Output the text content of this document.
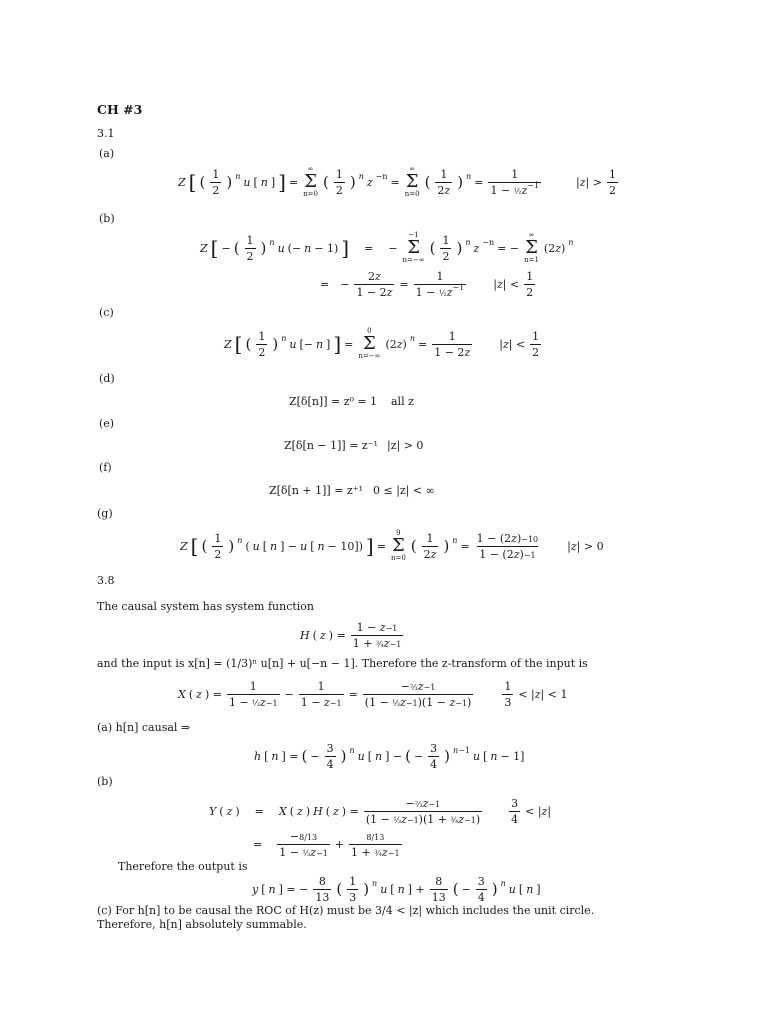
CH #3
3.1
(a)
Z [ ( 1
2 ) n u [ n ] ] =
∞
Σ
n=0
( 1
2 ) n z −n =
∞
Σ
n=0
( 1
2z ) $n = \frac{1}{1 - \frac{1}{2}z^{-1}}$	|z| >
1
2
(b)
Z [ − ( 1
2 ) n u (− n − 1) ] = −
−1
Σ
n=−∞
( 1
2 ) n z −n = −
∞
Σ
n=1
(2z) n
= − $\frac{2z}{1 - 2z} = \frac{1}{1 - \frac{1}{2}z^{-1}} |z|$ <
1
2
(c)
Z [ ( 1
2 ) n u [− n ] ] =
0
Σ
n=−∞
(2z) $n = \frac{1}{1 - 2z} |z|$ <
1
2
(d)
Z[δ[n]] = z⁰ = 1 all z
(e)
Z[δ[n − 1]] = z⁻¹ |z| > 0
(f)
Z[δ[n + 1]] = z⁺¹ 0 ≤ |z| < ∞
(g)
Z [ ( 1
2 ) n ( u [ n ] − u [ n − 10]) ] =
9
Σ
n=0
( 1
2z ) $n = \frac{1 - (2z)-10}{1 - (2z)-1} |z| > 0$
3.8
The causal system has system function
H ( z ) =
1 − z−1
1 + ¾z−1
and the input is x[n] = (1/3)ⁿ u[n] + u[−n − 1]. Therefore the z-transform of the input is
X ( z ) =
1
1 − ⅓z−1
− $\frac{1}{1 - z-1} = \frac{\text{−⅔z−1}}{\text{(1 − ⅓z−1)(1 − z−1)}}$	1
3
< |z| < 1
(a) h[n] causal ⇒
h [ n ] = ( −
3
4 ) n u [ n ] − ( −
3
4 ) n−1 u [ n − 1]
(b)
Y ( z ) = X ( z ) H ( z ) =
−⅔z−1
(1 − ⅓z−1)(1 + ¾z−1)
3
4
< |z|
= $\frac{-8/13}{\text{1 − ⅓z−1}} + \frac{8/13}{\text{1 + ¾z−1}}$
Therefore the output is
y [ n ] = −
8
13 ( 1
3 ) n u [ n ] +
8
13 ( −
3
4 ) n u [ n ]
(c) For h[n] to be causal the ROC of H(z) must be 3/4 < |z| which includes the unit circle. Therefore, h[n] absolutely summable.
